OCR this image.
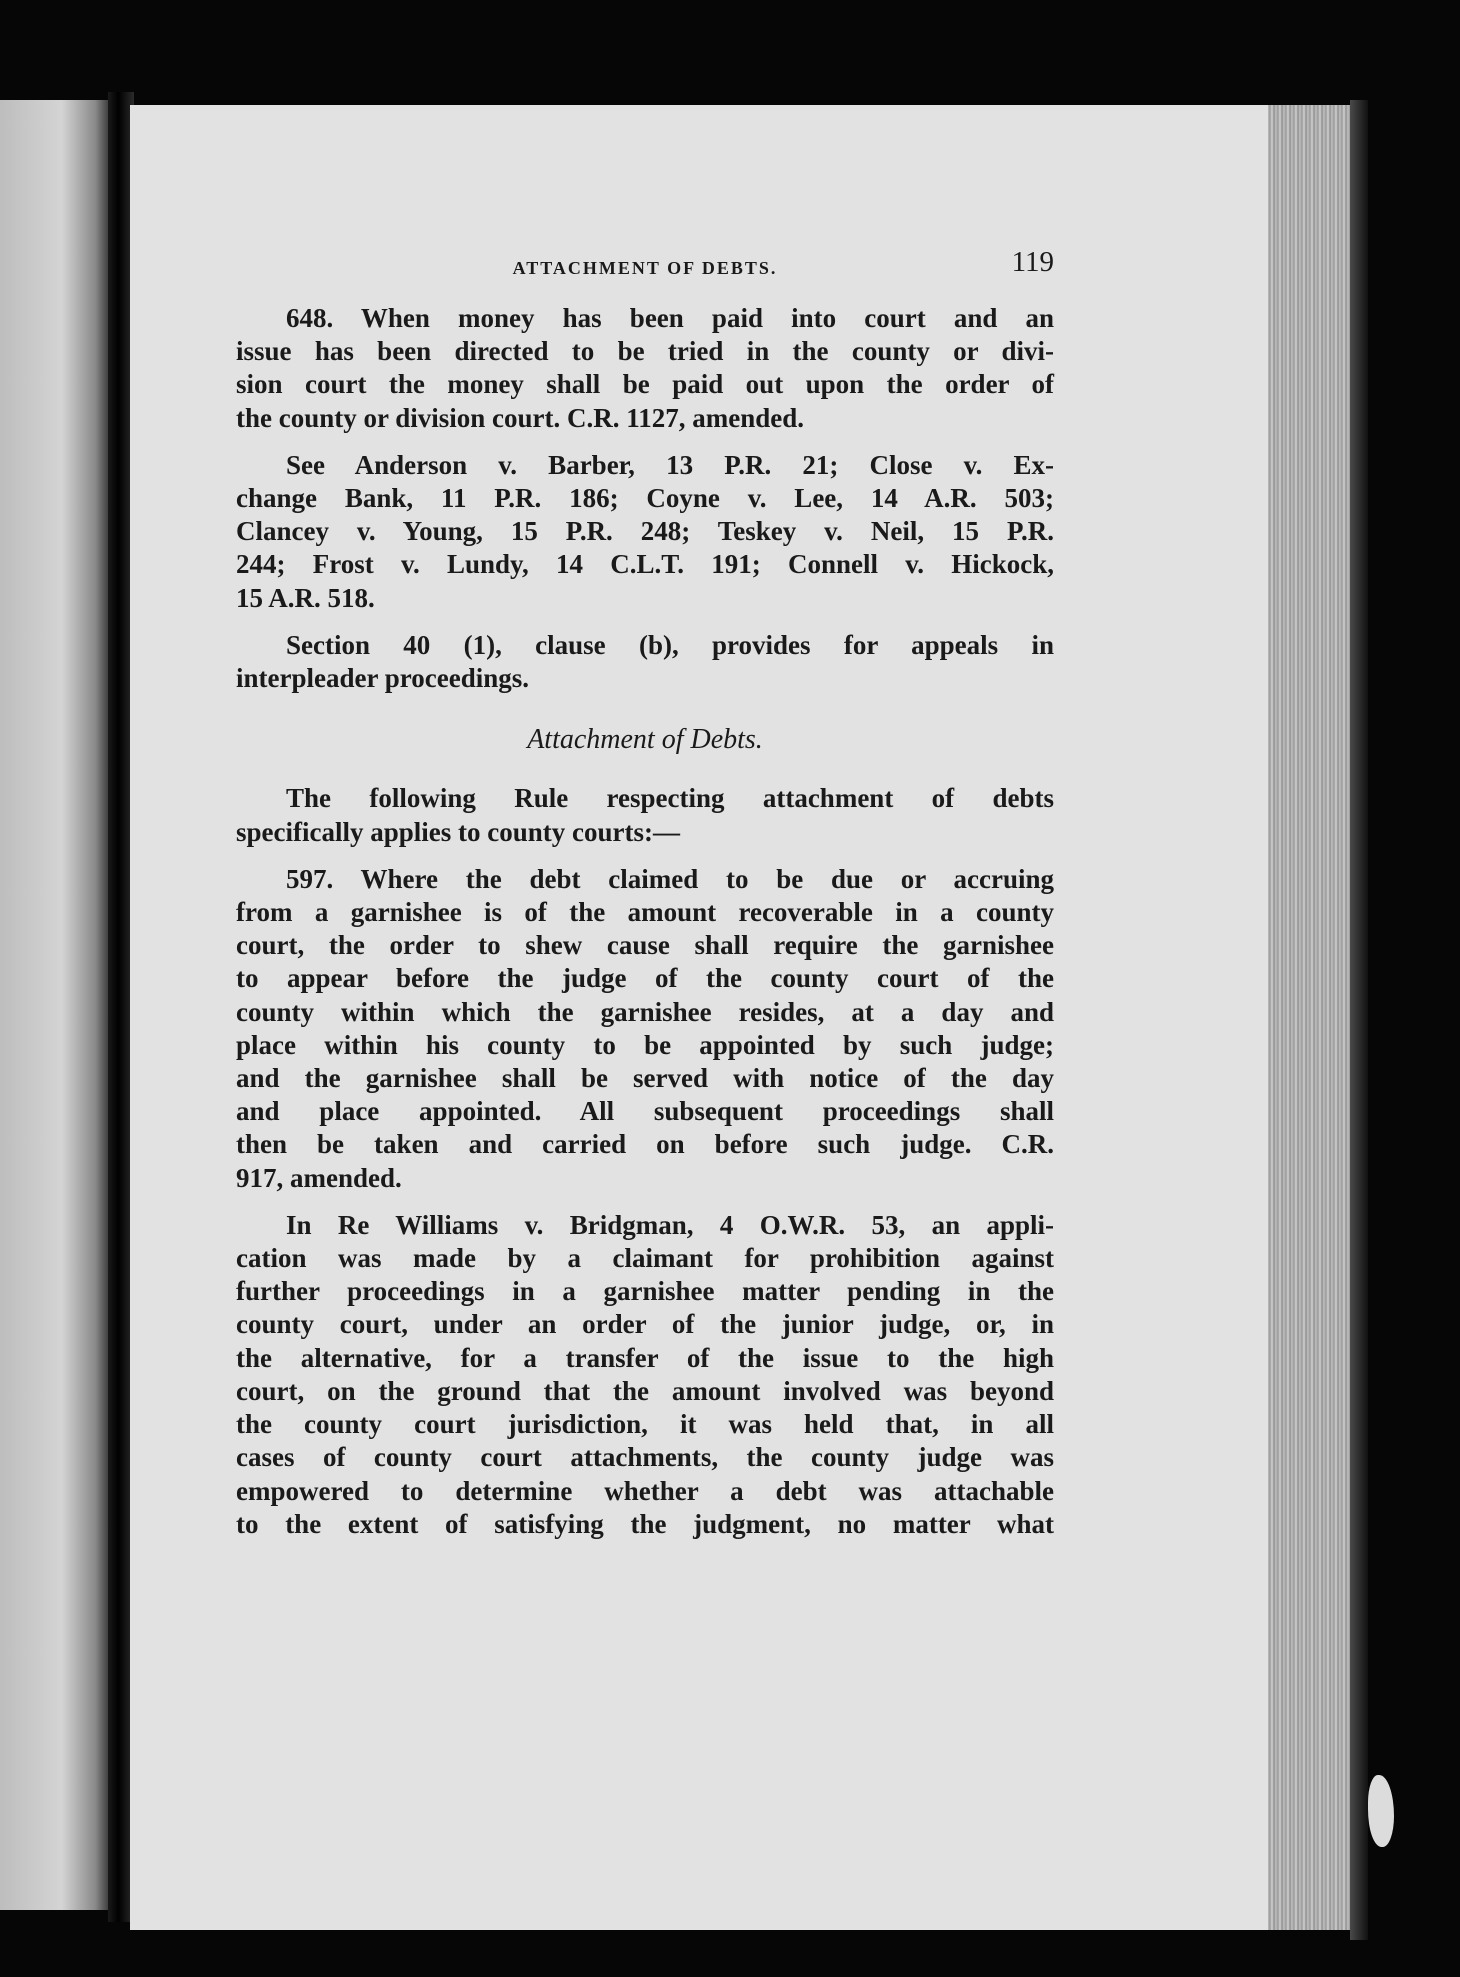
ATTACHMENT OF DEBTS.	119
648. When money has been paid into court and an
issue has been directed to be tried in the county or divi-
sion court the money shall be paid out upon the order of
the county or division court. C.R. 1127, amended.
See Anderson v. Barber, 13 P.R. 21; Close v. Ex-
change Bank, 11 P.R. 186; Coyne v. Lee, 14 A.R. 503;
Clancey v. Young, 15 P.R. 248; Teskey v. Neil, 15 P.R.
244; Frost v. Lundy, 14 C.L.T. 191; Connell v. Hickock,
15 A.R. 518.
Section 40 (1), clause (b), provides for appeals in
interpleader proceedings.
Attachment of Debts.
The following Rule respecting attachment of debts
specifically applies to county courts:—
597. Where the debt claimed to be due or accruing
from a garnishee is of the amount recoverable in a county
court, the order to shew cause shall require the garnishee
to appear before the judge of the county court of the
county within which the garnishee resides, at a day and
place within his county to be appointed by such judge;
and the garnishee shall be served with notice of the day
and place appointed. All subsequent proceedings shall
then be taken and carried on before such judge. C.R.
917, amended.
In Re Williams v. Bridgman, 4 O.W.R. 53, an appli-
cation was made by a claimant for prohibition against
further proceedings in a garnishee matter pending in the
county court, under an order of the junior judge, or, in
the alternative, for a transfer of the issue to the high
court, on the ground that the amount involved was beyond
the county court jurisdiction, it was held that, in all
cases of county court attachments, the county judge was
empowered to determine whether a debt was attachable
to the extent of satisfying the judgment, no matter what
